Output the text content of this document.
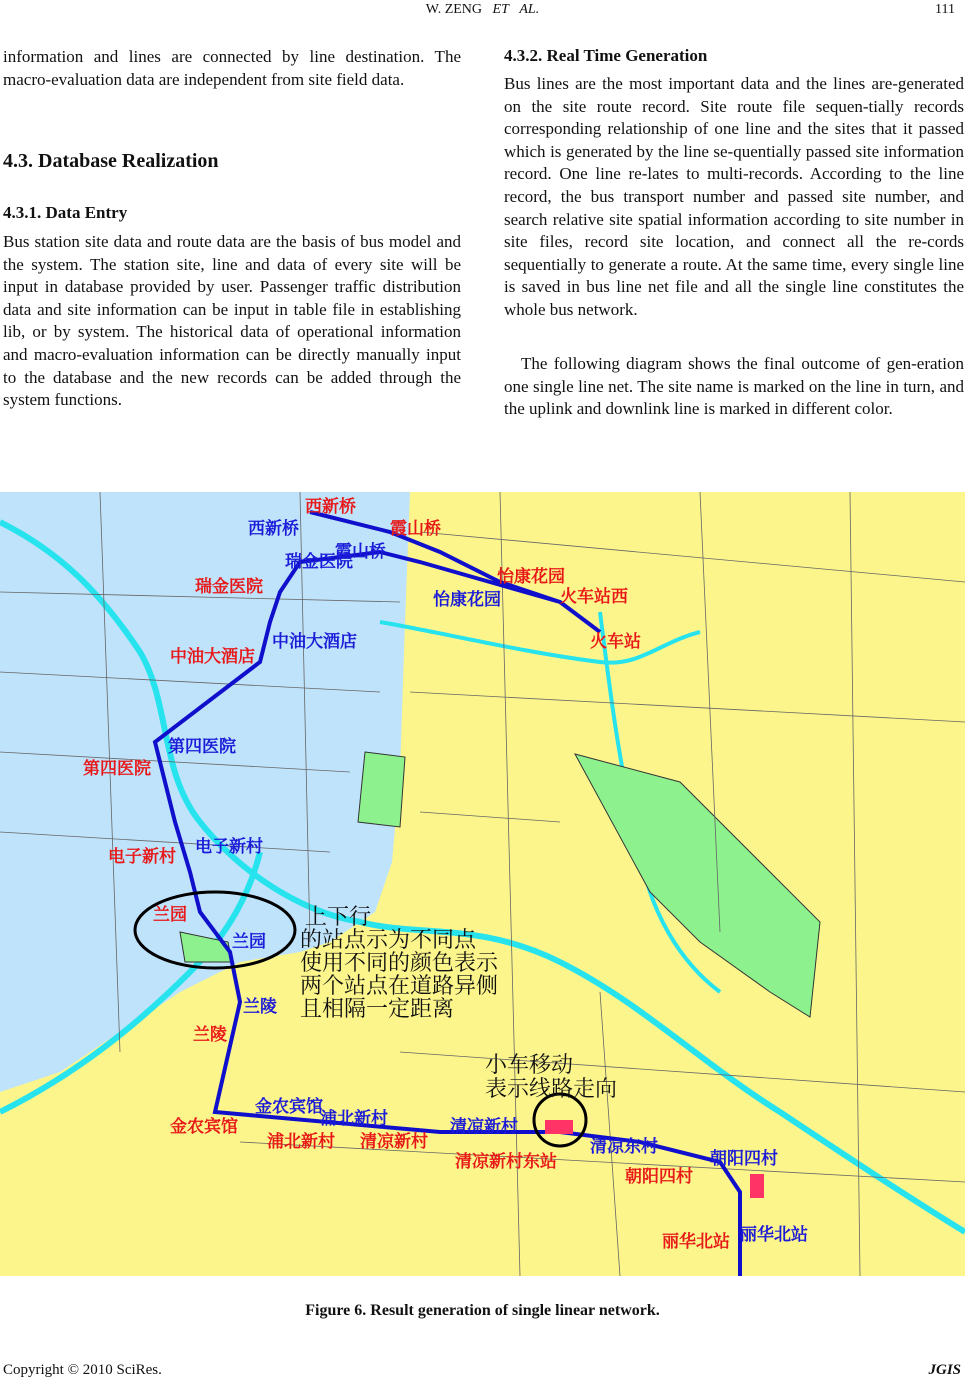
W. ZENG ET AL.	111

information and lines are connected by line destination. The macro-evaluation data are independent from site field data.

4.3. Database Realization
4.3.1. Data Entry

Bus station site data and route data are the basis of bus model and the system. The station site, line and data of every site will be input in database provided by user. Passenger traffic distribution data and site information can be input in table file in establishing lib, or by system. The historical data of operational information and macro-evaluation information can be directly manually input to the database and the new records can be added through the system functions.

4.3.2. Real Time Generation

Bus lines are the most important data and the lines are-generated on the site route record. Site route file sequen-tially records corresponding relationship of one line and the sites that it passed which is generated by the line se-quentially passed site information record. One line re-lates to multi-records. According to the line record, the bus transport number and passed site number, and search relative site spatial information according to site number in site files, record site location, and connect all the re-cords sequentially to generate a route. At the same time, every single line is saved in bus line net file and all the single line constitutes the whole bus network.

The following diagram shows the final outcome of gen-eration one single line net. The site name is marked on the line in turn, and the uplink and downlink line is marked in different color.

西新桥
霞山桥
瑞金医院	怡康花园
火车站西
火车站
中油大酒店
第四医院
电子新村
兰园
兰陵
金农宾馆
浦北新村 清凉新村
清凉新村东站
朝阳四村
丽华北站
西新桥
瑞金医院
霞山桥
怡康花园
中油大酒店
第四医院
电子新村
兰园
兰陵
金农宾馆
浦北新村	清凉新村
清凉东村
朝阳四村
丽华北站
上下行
的站点示为不同点
使用不同的颜色表示
两个站点在道路异侧
且相隔一定距离
小车移动
表示线路走向
Figure 6. Result generation of single linear network.
Copyright © 2010 SciRes.	JGIS
